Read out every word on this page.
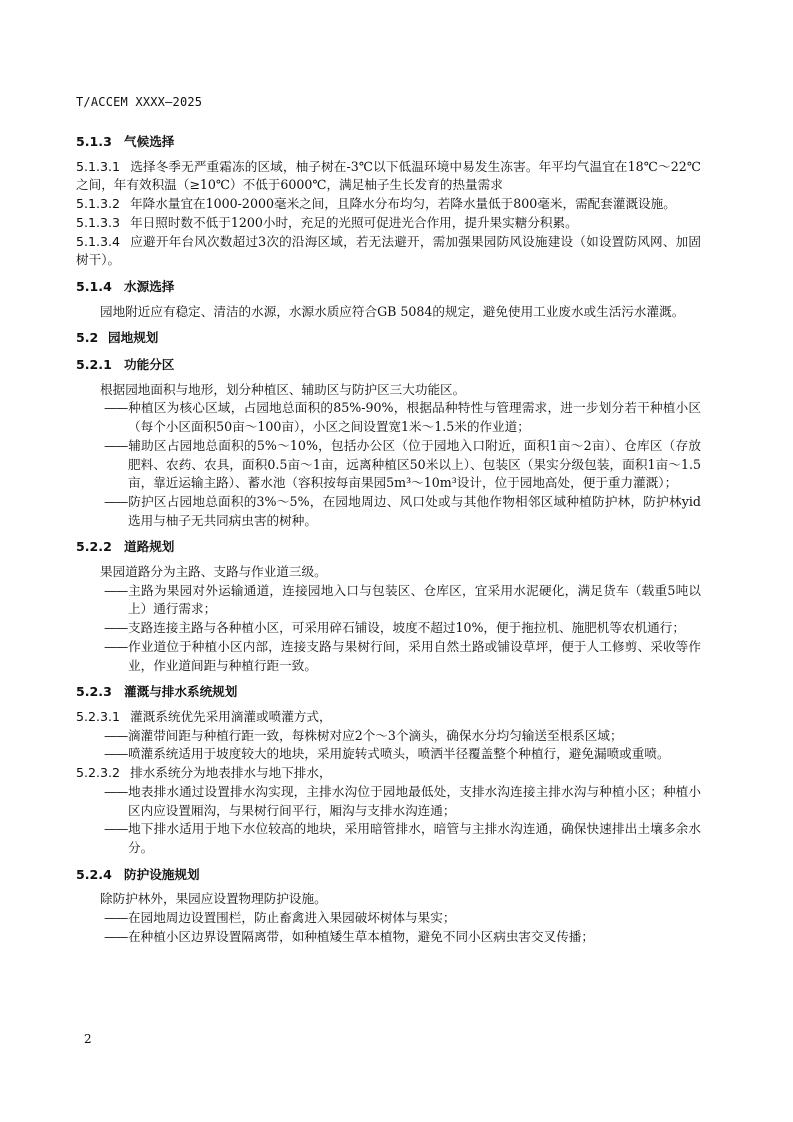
T/ACCEM XXXX—2025
5.1.3 气候选择

5.1.3.1 选择冬季无严重霜冻的区域，柚子树在-3℃以下低温环境中易发生冻害。年平均气温宜在18℃～22℃之间，年有效积温（≥10℃）不低于6000℃，满足柚子生长发育的热量需求

5.1.3.2 年降水量宜在1000-2000毫米之间，且降水分布均匀，若降水量低于800毫米，需配套灌溉设施。

5.1.3.3 年日照时数不低于1200小时，充足的光照可促进光合作用，提升果实糖分积累。

5.1.3.4 应避开年台风次数超过3次的沿海区域，若无法避开，需加强果园防风设施建设（如设置防风网、加固树干）。

5.1.4 水源选择

园地附近应有稳定、清洁的水源，水源水质应符合GB 5084的规定，避免使用工业废水或生活污水灌溉。

5.2 园地规划
5.2.1 功能分区

根据园地面积与地形，划分种植区、辅助区与防护区三大功能区。

—— 种植区为核心区域，占园地总面积的85%-90%，根据品种特性与管理需求，进一步划分若干种植小区（每个小区面积50亩～100亩），小区之间设置宽1米～1.5米的作业道；

—— 辅助区占园地总面积的5%～10%，包括办公区（位于园地入口附近，面积1亩～2亩）、仓库区（存放肥料、农药、农具，面积0.5亩～1亩，远离种植区50米以上）、包装区（果实分级包装，面积1亩～1.5亩，靠近运输主路）、蓄水池（容积按每亩果园5m³～10m³设计，位于园地高处，便于重力灌溉）；

—— 防护区占园地总面积的3%～5%，在园地周边、风口处或与其他作物相邻区域种植防护林，防护林yid选用与柚子无共同病虫害的树种。

5.2.2 道路规划

果园道路分为主路、支路与作业道三级。

—— 主路为果园对外运输通道，连接园地入口与包装区、仓库区，宜采用水泥硬化，满足货车（载重5吨以上）通行需求；

—— 支路连接主路与各种植小区，可采用碎石铺设，坡度不超过10%，便于拖拉机、施肥机等农机通行；

—— 作业道位于种植小区内部，连接支路与果树行间，采用自然土路或铺设草坪，便于人工修剪、采收等作业，作业道间距与种植行距一致。

5.2.3 灌溉与排水系统规划

5.2.3.1 灌溉系统优先采用滴灌或喷灌方式，

—— 滴灌带间距与种植行距一致，每株树对应2个～3个滴头，确保水分均匀输送至根系区域；

—— 喷灌系统适用于坡度较大的地块，采用旋转式喷头，喷洒半径覆盖整个种植行，避免漏喷或重喷。

5.2.3.2 排水系统分为地表排水与地下排水，

—— 地表排水通过设置排水沟实现，主排水沟位于园地最低处，支排水沟连接主排水沟与种植小区；种植小区内应设置厢沟，与果树行间平行，厢沟与支排水沟连通；

—— 地下排水适用于地下水位较高的地块，采用暗管排水，暗管与主排水沟连通，确保快速排出土壤多余水分。

5.2.4 防护设施规划

除防护林外，果园应设置物理防护设施。

—— 在园地周边设置围栏，防止畜禽进入果园破坏树体与果实；

—— 在种植小区边界设置隔离带，如种植矮生草本植物，避免不同小区病虫害交叉传播；

2
